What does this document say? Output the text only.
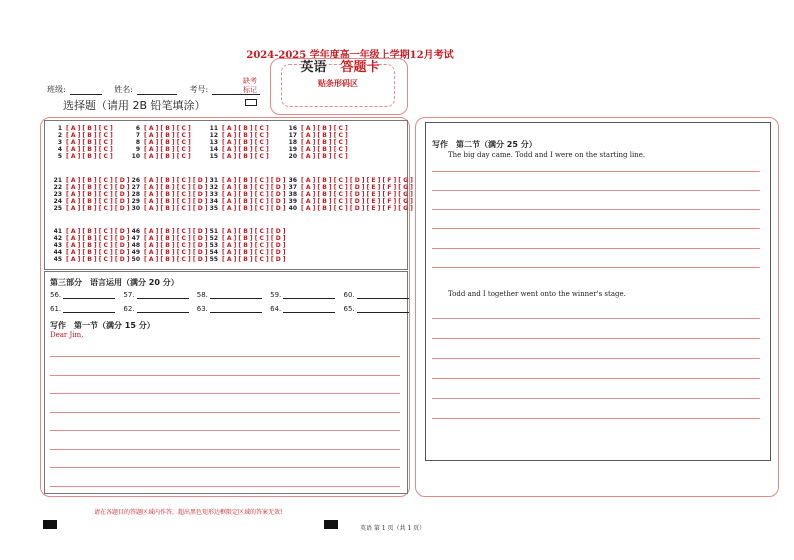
2024-2025 学年度高一年级上学期12月考试
英语 答题卡
班级:	姓名:	考号:
选择题（请用 2B 铅笔填涂）
缺考
标记
贴条形码区
1 [ A ] [ B ] [ C ]
2 [ A ] [ B ] [ C ]
3 [ A ] [ B ] [ C ]
4 [ A ] [ B ] [ C ]
5 [ A ] [ B ] [ C ]
6 [ A ] [ B ] [ C ]
7 [ A ] [ B ] [ C ]
8 [ A ] [ B ] [ C ]
9 [ A ] [ B ] [ C ]
10 [ A ] [ B ] [ C ]
11 [ A ] [ B ] [ C ]
12 [ A ] [ B ] [ C ]
13 [ A ] [ B ] [ C ]
14 [ A ] [ B ] [ C ]
15 [ A ] [ B ] [ C ]
16 [ A ] [ B ] [ C ]
17 [ A ] [ B ] [ C ]
18 [ A ] [ B ] [ C ]
19 [ A ] [ B ] [ C ]
20 [ A ] [ B ] [ C ]
21 [ A ] [ B ] [ C ] [ D ]
22 [ A ] [ B ] [ C ] [ D ]
23 [ A ] [ B ] [ C ] [ D ]
24 [ A ] [ B ] [ C ] [ D ]
25 [ A ] [ B ] [ C ] [ D ]
26 [ A ] [ B ] [ C ] [ D ]
27 [ A ] [ B ] [ C ] [ D ]
28 [ A ] [ B ] [ C ] [ D ]
29 [ A ] [ B ] [ C ] [ D ]
30 [ A ] [ B ] [ C ] [ D ]
31 [ A ] [ B ] [ C ] [ D ]
32 [ A ] [ B ] [ C ] [ D ]
33 [ A ] [ B ] [ C ] [ D ]
34 [ A ] [ B ] [ C ] [ D ]
35 [ A ] [ B ] [ C ] [ D ]
36 [ A ] [ B ] [ C ] [ D ] [ E ] [ F ] [ G ]
37 [ A ] [ B ] [ C ] [ D ] [ E ] [ F ] [ G ]
38 [ A ] [ B ] [ C ] [ D ] [ E ] [ F ] [ G ]
39 [ A ] [ B ] [ C ] [ D ] [ E ] [ F ] [ G ]
40 [ A ] [ B ] [ C ] [ D ] [ E ] [ F ] [ G ]
41 [ A ] [ B ] [ C ] [ D ]
42 [ A ] [ B ] [ C ] [ D ]
43 [ A ] [ B ] [ C ] [ D ]
44 [ A ] [ B ] [ C ] [ D ]
45 [ A ] [ B ] [ C ] [ D ]
46 [ A ] [ B ] [ C ] [ D ]
47 [ A ] [ B ] [ C ] [ D ]
48 [ A ] [ B ] [ C ] [ D ]
49 [ A ] [ B ] [ C ] [ D ]
50 [ A ] [ B ] [ C ] [ D ]
51 [ A ] [ B ] [ C ] [ D ]
52 [ A ] [ B ] [ C ] [ D ]
53 [ A ] [ B ] [ C ] [ D ]
54 [ A ] [ B ] [ C ] [ D ]
55 [ A ] [ B ] [ C ] [ D ]
第三部分　语言运用（满分 20 分）
56.	57.	58.	59.	60.
61.	62.	63.	64.	65.
写作　第一节（满分 15 分）
Dear Jim,
写作　第二节（满分 25 分）
The big day came. Todd and I were on the starting line.
Todd and I together went onto the winner's stage.
请在各题目的答题区域内作答，超出黑色矩形边框限定区域的答案无效!
英语 第 1 页（共 1 页）
